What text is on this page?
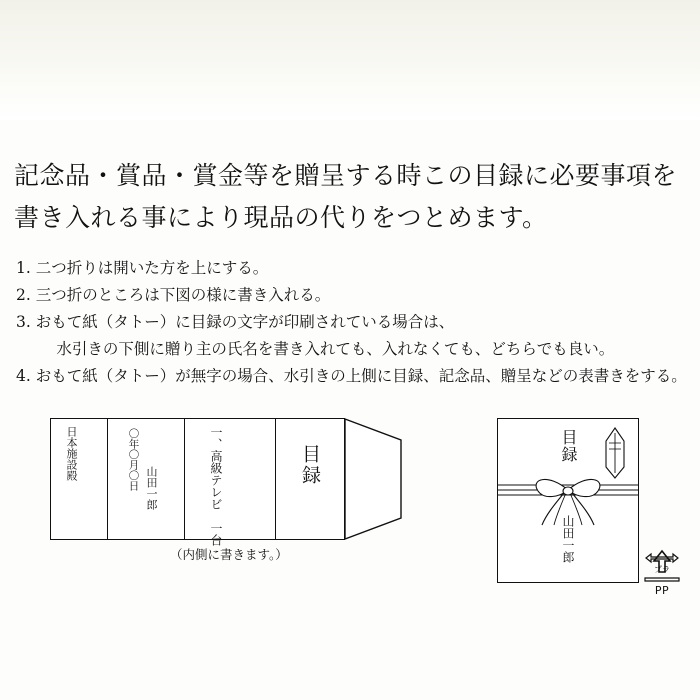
記念品・賞品・賞金等を贈呈する時この目録に必要事項を
書き入れる事により現品の代りをつとめます。
1. 二つ折りは開いた方を上にする。
2. 三つ折のところは下図の様に書き入れる。
3. おもて紙（タトー）に目録の文字が印刷されている場合は、
　 水引きの下側に贈り主の氏名を書き入れても、入れなくても、どちらでも良い。
4. おもて紙（タトー）が無字の場合、水引きの上側に目録、記念品、贈呈などの表書きをする。
日本施設殿	〇年〇月〇日 山田一郎	一、高級テレビ　一台	目録
（内側に書きます。）
目録
山田一郎
プラ
PP
